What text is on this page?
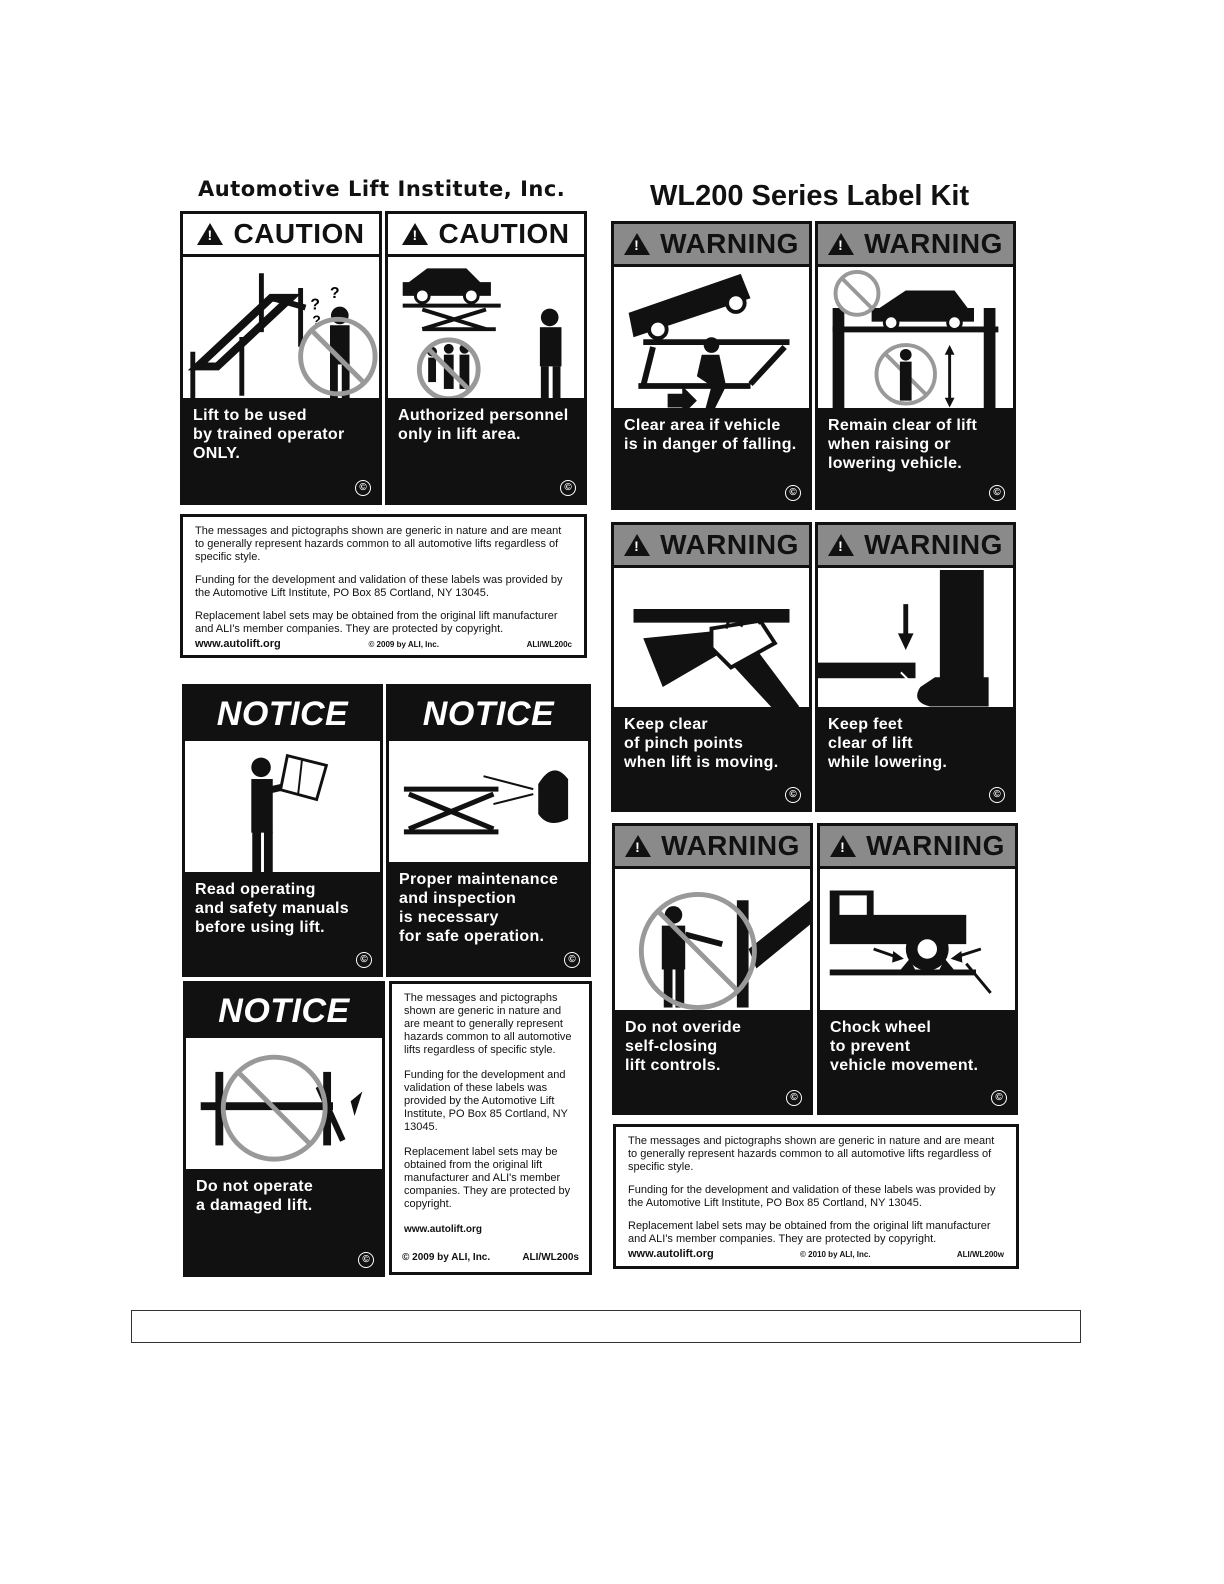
Automotive Lift Institute, Inc.	WL200 Series Label Kit
!
CAUTION
?
?
?
Lift to be used
by trained operator
ONLY.
©
!
CAUTION
Authorized personnel
only in lift area.
©

The messages and pictographs shown are generic in nature and are meant to generally represent hazards common to all automotive lifts regardless of specific style.

Funding for the development and validation of these labels was provided by the Automotive Lift Institute, PO Box 85 Cortland, NY 13045.

Replacement label sets may be obtained from the original lift manufacturer and ALI's member companies. They are protected by copyright.

www.autolift.org	© 2009 by ALI, Inc.	ALI/WL200c
NOTICE
Read operating
and safety manuals
before using lift.
©
NOTICE
Proper maintenance
and inspection
is necessary
for safe operation.
©
NOTICE
Do not operate
a damaged lift.
©

The messages and pictographs shown are generic in nature and are meant to generally represent hazards common to all automotive lifts regardless of specific style.

Funding for the development and validation of these labels was provided by the Automotive Lift Institute, PO Box 85 Cortland, NY 13045.

Replacement label sets may be obtained from the original lift manufacturer and ALI's member companies. They are protected by copyright.

www.autolift.org
© 2009 by ALI, Inc.	ALI/WL200s
!
WARNING
Clear area if vehicle
is in danger of falling.
©
!
WARNING
Remain clear of lift
when raising or
lowering vehicle.
©
!
WARNING
Keep clear
of pinch points
when lift is moving.
©
!
WARNING
Keep feet
clear of lift
while lowering.
©
!
WARNING
Do not overide
self-closing
lift controls.
©
!
WARNING
Chock wheel
to prevent
vehicle movement.
©

The messages and pictographs shown are generic in nature and are meant to generally represent hazards common to all automotive lifts regardless of specific style.

Funding for the development and validation of these labels was provided by the Automotive Lift Institute, PO Box 85 Cortland, NY 13045.

Replacement label sets may be obtained from the original lift manufacturer and ALI's member companies. They are protected by copyright.

www.autolift.org	© 2010 by ALI, Inc.	ALI/WL200w
